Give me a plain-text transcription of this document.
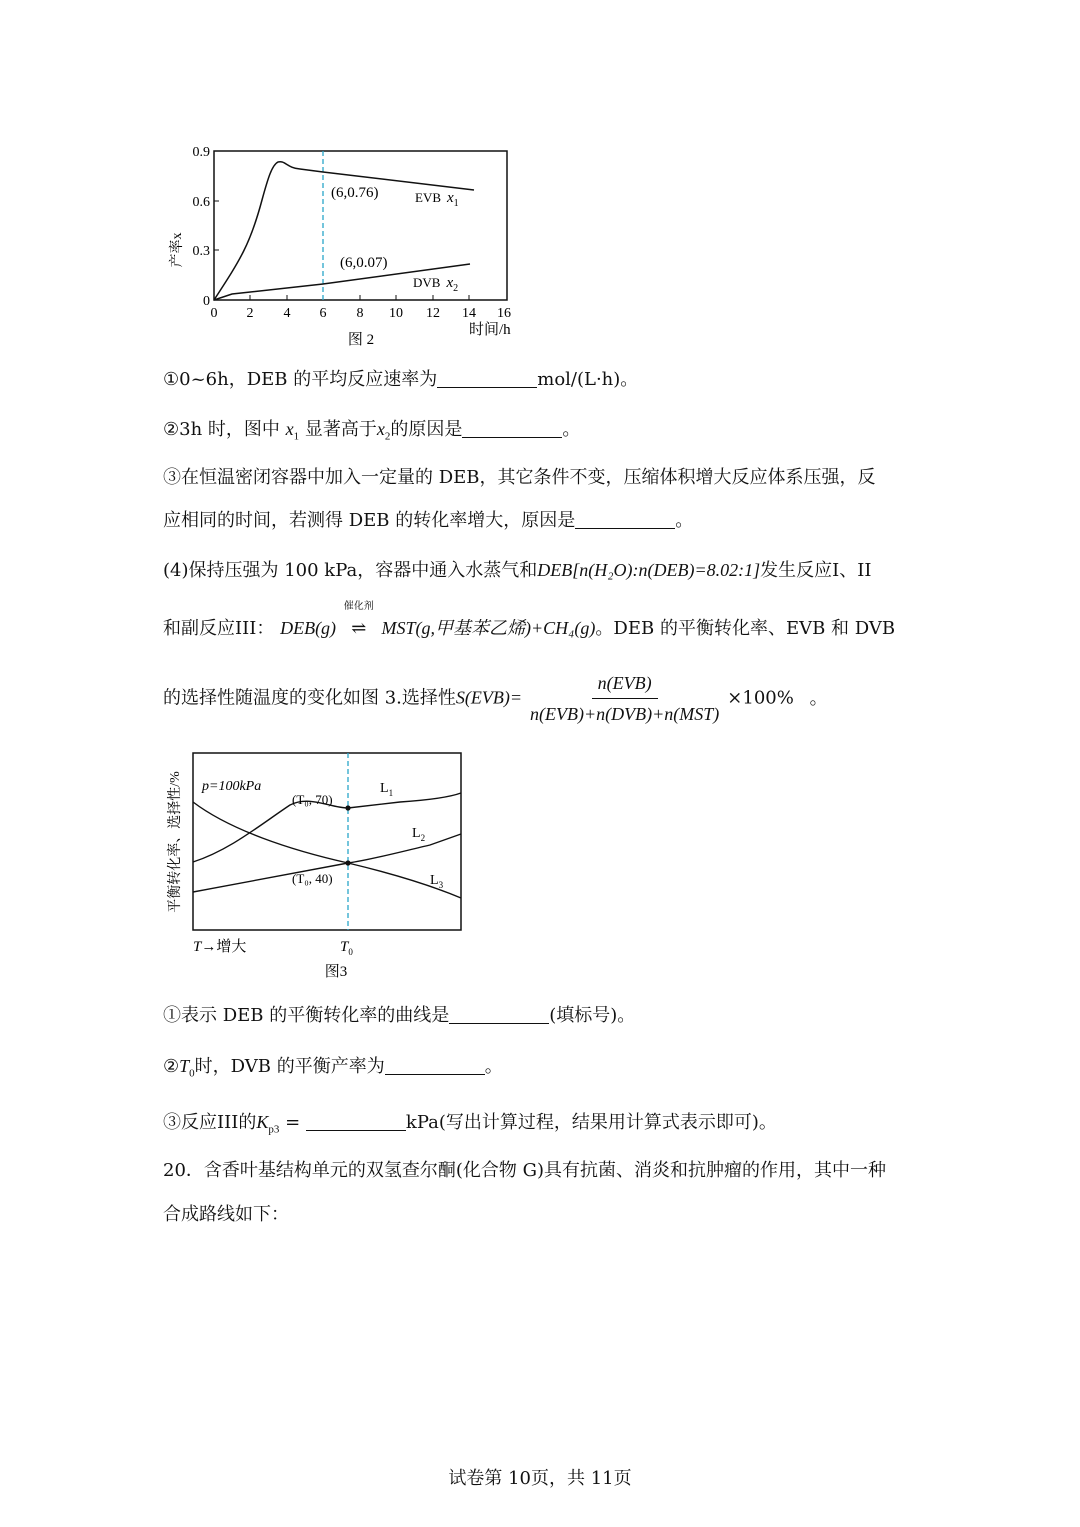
0.9
0.6
0.3
0
0 2 4 6 8 10 12 14 16
产率x
时间/h
(6,0.76)
(6,0.07)
EVB $x_1$
DVB $x_2$
图 2
①0~6h，DEB 的平均反应速率为	mol/(L·h)。
②3h 时，图中 $x_1$ 显著高于$x_2$的原因是	。
③在恒温密闭容器中加入一定量的 DEB，其它条件不变，压缩体积增大反应体系压强，反
应相同的时间，若测得 DEB 的转化率增大，原因是	。
(4)保持压强为 100 kPa，容器中通入水蒸气和DEB[n(H₂O):n(DEB)=8.02:1]发生反应I、II
和副反应III： DEB(g)
催化剂
⇌ MST(g,甲基苯乙烯)+CH₄(g)。DEB 的平衡转化率、EVB 和 DVB
的选择性随温度的变化如图 3.选择性$S(EVB)= \frac{\text{n(EVB)}}{\text{n(EVB)+n(DVB)+n(MST)}} \times 100\%$ 。
平衡转化率、选择性/% p=100kPa
(T₀, 70)
(T₀, 40)
$L_1$
$L_2$
$L_3$
T→增大	$T_0$
图3
①表示 DEB 的平衡转化率的曲线是	(填标号)。
$②T_0$时，DVB 的平衡产率为	。
③反应III的$K_{p3}$ =	kPa(写出计算过程，结果用计算式表示即可)。
20．含香叶基结构单元的双氢查尔酮(化合物 G)具有抗菌、消炎和抗肿瘤的作用，其中一种
合成路线如下：
试卷第 10页，共 11页
